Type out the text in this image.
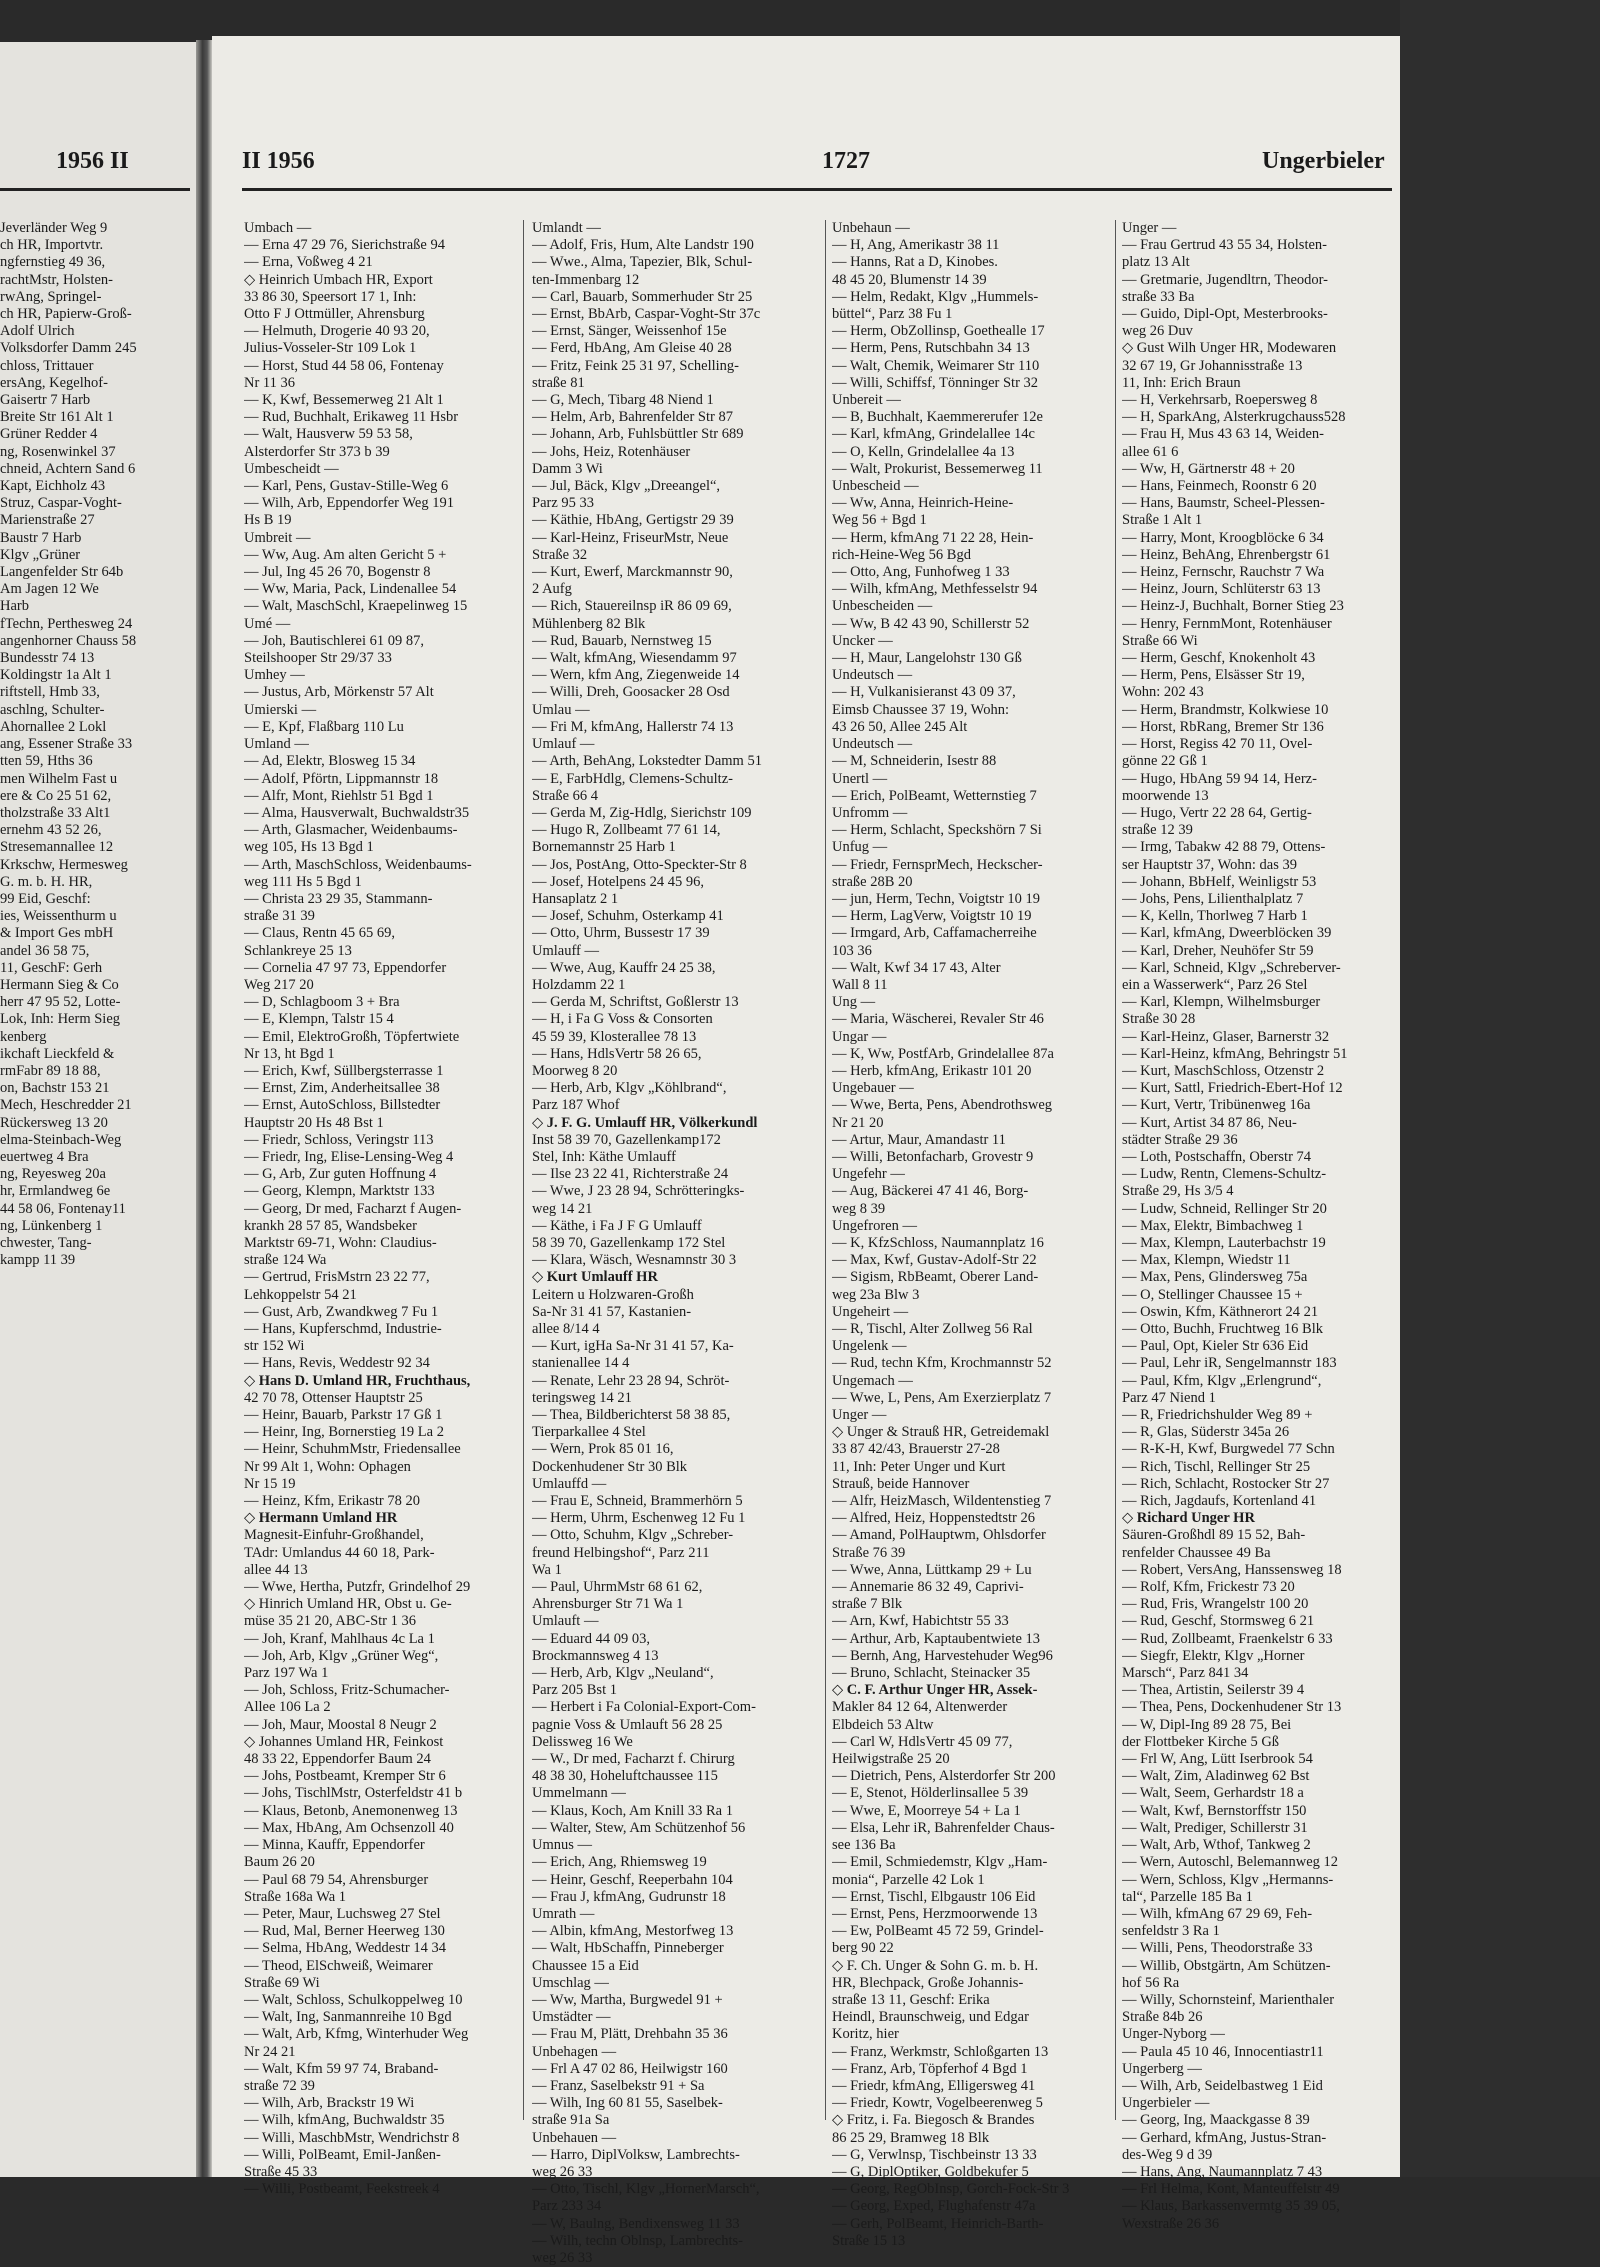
1956 II
Jeverländer Weg 9
ch HR, Importvtr.
ngfernstieg 49 36,
rachtMstr, Holsten-
rwAng, Springel-
ch HR, Papierw-Groß-
Adolf Ulrich
Volksdorfer Damm 245
chloss, Trittauer
ersAng, Kegelhof-
Gaisertr 7 Harb
Breite Str 161 Alt 1
Grüner Redder 4
ng, Rosenwinkel 37
chneid, Achtern Sand 6
Kapt, Eichholz 43
Struz, Caspar-Voght-
Marienstraße 27
Baustr 7 Harb
Klgv „Grüner
Langenfelder Str 64b
Am Jagen 12 We
Harb
fTechn, Perthesweg 24
angenhorner Chauss 58
Bundesstr 74 13
Koldingstr 1a Alt 1
riftstell, Hmb 33,
aschlng, Schulter-
Ahornallee 2 Lokl
ang, Essener Straße 33
tten 59, Hths 36
men Wilhelm Fast u
ere & Co 25 51 62,
tholzstraße 33 Alt1
ernehm 43 52 26,
Stresemannallee 12
Krkschw, Hermesweg
G. m. b. H. HR,
99 Eid, Geschf:
ies, Weissenthurm u
& Import Ges mbH
andel 36 58 75,
11, GeschF: Gerh
Hermann Sieg & Co
herr 47 95 52, Lotte-
Lok, Inh: Herm Sieg
kenberg
ikchaft Lieckfeld &
rmFabr 89 18 88,
on, Bachstr 153 21
Mech, Heschredder 21
Rückersweg 13 20
elma-Steinbach-Weg
euertweg 4 Bra
ng, Reyesweg 20a
hr, Ermlandweg 6e
44 58 06, Fontenay11
ng, Lünkenberg 1
chwester, Tang-
kampp 11 39
II 1956	1727	Ungerbieler
Umbach —
— Erna 47 29 76, Sierichstraße 94
— Erna, Voßweg 4 21
◇ Heinrich Umbach HR, Export
33 86 30, Speersort 17 1, Inh:
Otto F J Ottmüller, Ahrensburg
— Helmuth, Drogerie 40 93 20,
Julius-Vosseler-Str 109 Lok 1
— Horst, Stud 44 58 06, Fontenay
Nr 11 36
— K, Kwf, Bessemerweg 21 Alt 1
— Rud, Buchhalt, Erikaweg 11 Hsbr
— Walt, Hausverw 59 53 58,
Alsterdorfer Str 373 b 39
Umbescheidt —
— Karl, Pens, Gustav-Stille-Weg 6
— Wilh, Arb, Eppendorfer Weg 191
Hs B 19
Umbreit —
— Ww, Aug. Am alten Gericht 5 +
— Jul, Ing 45 26 70, Bogenstr 8
— Ww, Maria, Pack, Lindenallee 54
— Walt, MaschSchl, Kraepelinweg 15
Umé —
— Joh, Bautischlerei 61 09 87,
Steilshooper Str 29/37 33
Umhey —
— Justus, Arb, Mörkenstr 57 Alt
Umierski —
— E, Kpf, Flaßbarg 110 Lu
Umland —
— Ad, Elektr, Blosweg 15 34
— Adolf, Pförtn, Lippmannstr 18
— Alfr, Mont, Riehlstr 51 Bgd 1
— Alma, Hausverwalt, Buchwaldstr35
— Arth, Glasmacher, Weidenbaums-
weg 105, Hs 13 Bgd 1
— Arth, MaschSchloss, Weidenbaums-
weg 111 Hs 5 Bgd 1
— Christa 23 29 35, Stammann-
straße 31 39
— Claus, Rentn 45 65 69,
Schlankreye 25 13
— Cornelia 47 97 73, Eppendorfer
Weg 217 20
— D, Schlagboom 3 + Bra
— E, Klempn, Talstr 15 4
— Emil, ElektroGroßh, Töpfertwiete
Nr 13, ht Bgd 1
— Erich, Kwf, Süllbergsterrasse 1
— Ernst, Zim, Anderheitsallee 38
— Ernst, AutoSchloss, Billstedter
Hauptstr 20 Hs 48 Bst 1
— Friedr, Schloss, Veringstr 113
— Friedr, Ing, Elise-Lensing-Weg 4
— G, Arb, Zur guten Hoffnung 4
— Georg, Klempn, Marktstr 133
— Georg, Dr med, Facharzt f Augen-
krankh 28 57 85, Wandsbeker
Marktstr 69-71, Wohn: Claudius-
straße 124 Wa
— Gertrud, FrisMstrn 23 22 77,
Lehkoppelstr 54 21
— Gust, Arb, Zwandkweg 7 Fu 1
— Hans, Kupferschmd, Industrie-
str 152 Wi
— Hans, Revis, Weddestr 92 34
◇ Hans D. Umland HR, Fruchthaus,
42 70 78, Ottenser Hauptstr 25
— Heinr, Bauarb, Parkstr 17 Gß 1
— Heinr, Ing, Bornerstieg 19 La 2
— Heinr, SchuhmMstr, Friedensallee
Nr 99 Alt 1, Wohn: Ophagen
Nr 15 19
— Heinz, Kfm, Erikastr 78 20
◇ Hermann Umland HR
Magnesit-Einfuhr-Großhandel,
TAdr: Umlandus 44 60 18, Park-
allee 44 13
— Wwe, Hertha, Putzfr, Grindelhof 29
◇ Hinrich Umland HR, Obst u. Ge-
müse 35 21 20, ABC-Str 1 36
— Joh, Kranf, Mahlhaus 4c La 1
— Joh, Arb, Klgv „Grüner Weg“,
Parz 197 Wa 1
— Joh, Schloss, Fritz-Schumacher-
Allee 106 La 2
— Joh, Maur, Moostal 8 Neugr 2
◇ Johannes Umland HR, Feinkost
48 33 22, Eppendorfer Baum 24
— Johs, Postbeamt, Kremper Str 6
— Johs, TischlMstr, Osterfeldstr 41 b
— Klaus, Betonb, Anemonenweg 13
— Max, HbAng, Am Ochsenzoll 40
— Minna, Kauffr, Eppendorfer
Baum 26 20
— Paul 68 79 54, Ahrensburger
Straße 168a Wa 1
— Peter, Maur, Luchsweg 27 Stel
— Rud, Mal, Berner Heerweg 130
— Selma, HbAng, Weddestr 14 34
— Theod, ElSchweiß, Weimarer
Straße 69 Wi
— Walt, Schloss, Schulkoppelweg 10
— Walt, Ing, Sanmannreihe 10 Bgd
— Walt, Arb, Kfmg, Winterhuder Weg
Nr 24 21
— Walt, Kfm 59 97 74, Braband-
straße 72 39
— Wilh, Arb, Brackstr 19 Wi
— Wilh, kfmAng, Buchwaldstr 35
— Willi, MaschbMstr, Wendrichstr 8
— Willi, PolBeamt, Emil-Janßen-
Straße 45 33
— Willi, Postbeamt, Feekstreek 4
Umlandt —
— Adolf, Fris, Hum, Alte Landstr 190
— Wwe., Alma, Tapezier, Blk, Schul-
ten-Immenbarg 12
— Carl, Bauarb, Sommerhuder Str 25
— Ernst, BbArb, Caspar-Voght-Str 37c
— Ernst, Sänger, Weissenhof 15e
— Ferd, HbAng, Am Gleise 40 28
— Fritz, Feink 25 31 97, Schelling-
straße 81
— G, Mech, Tibarg 48 Niend 1
— Helm, Arb, Bahrenfelder Str 87
— Johann, Arb, Fuhlsbüttler Str 689
— Johs, Heiz, Rotenhäuser
Damm 3 Wi
— Jul, Bäck, Klgv „Dreeangel“,
Parz 95 33
— Käthie, HbAng, Gertigstr 29 39
— Karl-Heinz, FriseurMstr, Neue
Straße 32
— Kurt, Ewerf, Marckmannstr 90,
2 Aufg
— Rich, Stauereilnsp iR 86 09 69,
Mühlenberg 82 Blk
— Rud, Bauarb, Nernstweg 15
— Walt, kfmAng, Wiesendamm 97
— Wern, kfm Ang, Ziegenweide 14
— Willi, Dreh, Goosacker 28 Osd
Umlau —
— Fri M, kfmAng, Hallerstr 74 13
Umlauf —
— Arth, BehAng, Lokstedter Damm 51
— E, FarbHdlg, Clemens-Schultz-
Straße 66 4
— Gerda M, Zig-Hdlg, Sierichstr 109
— Hugo R, Zollbeamt 77 61 14,
Bornemannstr 25 Harb 1
— Jos, PostAng, Otto-Speckter-Str 8
— Josef, Hotelpens 24 45 96,
Hansaplatz 2 1
— Josef, Schuhm, Osterkamp 41
— Otto, Uhrm, Bussestr 17 39
Umlauff —
— Wwe, Aug, Kauffr 24 25 38,
Holzdamm 22 1
— Gerda M, Schriftst, Goßlerstr 13
— H, i Fa G Voss & Consorten
45 59 39, Klosterallee 78 13
— Hans, HdlsVertr 58 26 65,
Moorweg 8 20
— Herb, Arb, Klgv „Köhlbrand“,
Parz 187 Whof
◇ J. F. G. Umlauff HR, Völkerkundl
Inst 58 39 70, Gazellenkamp172
Stel, Inh: Käthe Umlauff
— Ilse 23 22 41, Richterstraße 24
— Wwe, J 23 28 94, Schrötteringks-
weg 14 21
— Käthe, i Fa J F G Umlauff
58 39 70, Gazellenkamp 172 Stel
— Klara, Wäsch, Wesnamnstr 30 3
◇ Kurt Umlauff HR
Leitern u Holzwaren-Großh
Sa-Nr 31 41 57, Kastanien-
allee 8/14 4
— Kurt, igHa Sa-Nr 31 41 57, Ka-
stanienallee 14 4
— Renate, Lehr 23 28 94, Schröt-
teringsweg 14 21
— Thea, Bildberichterst 58 38 85,
Tierparkallee 4 Stel
— Wern, Prok 85 01 16,
Dockenhudener Str 30 Blk
Umlauffd —
— Frau E, Schneid, Brammerhörn 5
— Herm, Uhrm, Eschenweg 12 Fu 1
— Otto, Schuhm, Klgv „Schreber-
freund Helbingshof“, Parz 211
Wa 1
— Paul, UhrmMstr 68 61 62,
Ahrensburger Str 71 Wa 1
Umlauft —
— Eduard 44 09 03,
Brockmannsweg 4 13
— Herb, Arb, Klgv „Neuland“,
Parz 205 Bst 1
— Herbert i Fa Colonial-Export-Com-
pagnie Voss & Umlauft 56 28 25
Delissweg 16 We
— W., Dr med, Facharzt f. Chirurg
48 38 30, Hoheluftchaussee 115
Ummelmann —
— Klaus, Koch, Am Knill 33 Ra 1
— Walter, Stew, Am Schützenhof 56
Umnus —
— Erich, Ang, Rhiemsweg 19
— Heinr, Geschf, Reeperbahn 104
— Frau J, kfmAng, Gudrunstr 18
Umrath —
— Albin, kfmAng, Mestorfweg 13
— Walt, HbSchaffn, Pinneberger
Chaussee 15 a Eid
Umschlag —
— Ww, Martha, Burgwedel 91 +
Umstädter —
— Frau M, Plätt, Drehbahn 35 36
Unbehagen —
— Frl A 47 02 86, Heilwigstr 160
— Franz, Saselbekstr 91 + Sa
— Wilh, Ing 60 81 55, Saselbek-
straße 91a Sa
Unbehauen —
— Harro, DiplVolksw, Lambrechts-
weg 26 33
— Otto, Tischl, Klgv „HornerMarsch“,
Parz 233 34
— W, Baulng, Bendixensweg 11 33
— Wilh, techn Oblnsp, Lambrechts-
weg 26 33
Unbehaun —
— H, Ang, Amerikastr 38 11
— Hanns, Rat a D, Kinobes.
48 45 20, Blumenstr 14 39
— Helm, Redakt, Klgv „Hummels-
büttel“, Parz 38 Fu 1
— Herm, ObZollinsp, Goethealle 17
— Herm, Pens, Rutschbahn 34 13
— Walt, Chemik, Weimarer Str 110
— Willi, Schiffsf, Tönninger Str 32
Unbereit —
— B, Buchhalt, Kaemmererufer 12e
— Karl, kfmAng, Grindelallee 14c
— O, Kelln, Grindelallee 4a 13
— Walt, Prokurist, Bessemerweg 11
Unbescheid —
— Ww, Anna, Heinrich-Heine-
Weg 56 + Bgd 1
— Herm, kfmAng 71 22 28, Hein-
rich-Heine-Weg 56 Bgd
— Otto, Ang, Funhofweg 1 33
— Wilh, kfmAng, Methfesselstr 94
Unbescheiden —
— Ww, B 42 43 90, Schillerstr 52
Uncker —
— H, Maur, Langelohstr 130 Gß
Undeutsch —
— H, Vulkanisieranst 43 09 37,
Eimsb Chaussee 37 19, Wohn:
43 26 50, Allee 245 Alt
Undeutsch —
— M, Schneiderin, Isestr 88
Unertl —
— Erich, PolBeamt, Wetternstieg 7
Unfromm —
— Herm, Schlacht, Speckshörn 7 Si
Unfug —
— Friedr, FernsprMech, Heckscher-
straße 28B 20
— jun, Herm, Techn, Voigtstr 10 19
— Herm, LagVerw, Voigtstr 10 19
— Irmgard, Arb, Caffamacherreihe
103 36
— Walt, Kwf 34 17 43, Alter
Wall 8 11
Ung —
— Maria, Wäscherei, Revaler Str 46
Ungar —
— K, Ww, PostfArb, Grindelallee 87a
— Herb, kfmAng, Erikastr 101 20
Ungebauer —
— Wwe, Berta, Pens, Abendrothsweg
Nr 21 20
— Artur, Maur, Amandastr 11
— Willi, Betonfacharb, Grovestr 9
Ungefehr —
— Aug, Bäckerei 47 41 46, Borg-
weg 8 39
Ungefroren —
— K, KfzSchloss, Naumannplatz 16
— Max, Kwf, Gustav-Adolf-Str 22
— Sigism, RbBeamt, Oberer Land-
weg 23a Blw 3
Ungeheirt —
— R, Tischl, Alter Zollweg 56 Ral
Ungelenk —
— Rud, techn Kfm, Krochmannstr 52
Ungemach —
— Wwe, L, Pens, Am Exerzierplatz 7
Unger —
◇ Unger & Strauß HR, Getreidemakl
33 87 42/43, Brauerstr 27-28
11, Inh: Peter Unger und Kurt
Strauß, beide Hannover
— Alfr, HeizMasch, Wildentenstieg 7
— Alfred, Heiz, Hoppenstedtstr 26
— Amand, PolHauptwm, Ohlsdorfer
Straße 76 39
— Wwe, Anna, Lüttkamp 29 + Lu
— Annemarie 86 32 49, Caprivi-
straße 7 Blk
— Arn, Kwf, Habichtstr 55 33
— Arthur, Arb, Kaptaubentwiete 13
— Bernh, Ang, Harvestehuder Weg96
— Bruno, Schlacht, Steinacker 35
◇ C. F. Arthur Unger HR, Assek-
Makler 84 12 64, Altenwerder
Elbdeich 53 Altw
— Carl W, HdlsVertr 45 09 77,
Heilwigstraße 25 20
— Dietrich, Pens, Alsterdorfer Str 200
— E, Stenot, Hölderlinsallee 5 39
— Wwe, E, Moorreye 54 + La 1
— Elsa, Lehr iR, Bahrenfelder Chaus-
see 136 Ba
— Emil, Schmiedemstr, Klgv „Ham-
monia“, Parzelle 42 Lok 1
— Ernst, Tischl, Elbgaustr 106 Eid
— Ernst, Pens, Herzmoorwende 13
— Ew, PolBeamt 45 72 59, Grindel-
berg 90 22
◇ F. Ch. Unger & Sohn G. m. b. H.
HR, Blechpack, Große Johannis-
straße 13 11, Geschf: Erika
Heindl, Braunschweig, und Edgar
Koritz, hier
— Franz, Werkmstr, Schloßgarten 13
— Franz, Arb, Töpferhof 4 Bgd 1
— Friedr, kfmAng, Elligersweg 41
— Friedr, Kowtr, Vogelbeerenweg 5
◇ Fritz, i. Fa. Biegosch & Brandes
86 25 29, Bramweg 18 Blk
— G, Verwlnsp, Tischbeinstr 13 33
— G, DiplOptiker, Goldbekufer 5
— Georg, RegObInsp, Gorch-Fock-Str 3
— Georg, Exped, Flughafenstr 47a
— Gerh, PolBeamt, Heinrich-Barth-
Straße 15 13
Unger —
— Frau Gertrud 43 55 34, Holsten-
platz 13 Alt
— Gretmarie, Jugendltrn, Theodor-
straße 33 Ba
— Guido, Dipl-Opt, Mesterbrooks-
weg 26 Duv
◇ Gust Wilh Unger HR, Modewaren
32 67 19, Gr Johannisstraße 13
11, Inh: Erich Braun
— H, Verkehrsarb, Roepersweg 8
— H, SparkAng, Alsterkrugchauss528
— Frau H, Mus 43 63 14, Weiden-
allee 61 6
— Ww, H, Gärtnerstr 48 + 20
— Hans, Feinmech, Roonstr 6 20
— Hans, Baumstr, Scheel-Plessen-
Straße 1 Alt 1
— Harry, Mont, Kroogblöcke 6 34
— Heinz, BehAng, Ehrenbergstr 61
— Heinz, Fernschr, Rauchstr 7 Wa
— Heinz, Journ, Schlüterstr 63 13
— Heinz-J, Buchhalt, Borner Stieg 23
— Henry, FernmMont, Rotenhäuser
Straße 66 Wi
— Herm, Geschf, Knokenholt 43
— Herm, Pens, Elsässer Str 19,
Wohn: 202 43
— Herm, Brandmstr, Kolkwiese 10
— Horst, RbRang, Bremer Str 136
— Horst, Regiss 42 70 11, Ovel-
gönne 22 Gß 1
— Hugo, HbAng 59 94 14, Herz-
moorwende 13
— Hugo, Vertr 22 28 64, Gertig-
straße 12 39
— Irmg, Tabakw 42 88 79, Ottens-
ser Hauptstr 37, Wohn: das 39
— Johann, BbHelf, Weinligstr 53
— Johs, Pens, Lilienthalplatz 7
— K, Kelln, Thorlweg 7 Harb 1
— Karl, kfmAng, Dweerblöcken 39
— Karl, Dreher, Neuhöfer Str 59
— Karl, Schneid, Klgv „Schreberver-
ein a Wasserwerk“, Parz 26 Stel
— Karl, Klempn, Wilhelmsburger
Straße 30 28
— Karl-Heinz, Glaser, Barnerstr 32
— Karl-Heinz, kfmAng, Behringstr 51
— Kurt, MaschSchloss, Otzenstr 2
— Kurt, Sattl, Friedrich-Ebert-Hof 12
— Kurt, Vertr, Tribünenweg 16a
— Kurt, Artist 34 87 86, Neu-
städter Straße 29 36
— Loth, Postschaffn, Oberstr 74
— Ludw, Rentn, Clemens-Schultz-
Straße 29, Hs 3/5 4
— Ludw, Schneid, Rellinger Str 20
— Max, Elektr, Bimbachweg 1
— Max, Klempn, Lauterbachstr 19
— Max, Klempn, Wiedstr 11
— Max, Pens, Glindersweg 75a
— O, Stellinger Chaussee 15 +
— Oswin, Kfm, Käthnerort 24 21
— Otto, Buchh, Fruchtweg 16 Blk
— Paul, Opt, Kieler Str 636 Eid
— Paul, Lehr iR, Sengelmannstr 183
— Paul, Kfm, Klgv „Erlengrund“,
Parz 47 Niend 1
— R, Friedrichshulder Weg 89 +
— R, Glas, Süderstr 345a 26
— R-K-H, Kwf, Burgwedel 77 Schn
— Rich, Tischl, Rellinger Str 25
— Rich, Schlacht, Rostocker Str 27
— Rich, Jagdaufs, Kortenland 41
◇ Richard Unger HR
Säuren-Großhdl 89 15 52, Bah-
renfelder Chaussee 49 Ba
— Robert, VersAng, Hanssensweg 18
— Rolf, Kfm, Frickestr 73 20
— Rud, Fris, Wrangelstr 100 20
— Rud, Geschf, Stormsweg 6 21
— Rud, Zollbeamt, Fraenkelstr 6 33
— Siegfr, Elektr, Klgv „Horner
Marsch“, Parz 841 34
— Thea, Artistin, Seilerstr 39 4
— Thea, Pens, Dockenhudener Str 13
— W, Dipl-Ing 89 28 75, Bei
der Flottbeker Kirche 5 Gß
— Frl W, Ang, Lütt Iserbrook 54
— Walt, Zim, Aladinweg 62 Bst
— Walt, Seem, Gerhardstr 18 a
— Walt, Kwf, Bernstorffstr 150
— Walt, Prediger, Schillerstr 31
— Walt, Arb, Wthof, Tankweg 2
— Wern, Autoschl, Belemannweg 12
— Wern, Schloss, Klgv „Hermanns-
tal“, Parzelle 185 Ba 1
— Wilh, kfmAng 67 29 69, Feh-
senfeldstr 3 Ra 1
— Willi, Pens, Theodorstraße 33
— Willib, Obstgärtn, Am Schützen-
hof 56 Ra
— Willy, Schornsteinf, Marienthaler
Straße 84b 26
Unger-Nyborg —
— Paula 45 10 46, Innocentiastr11
Ungerberg —
— Wilh, Arb, Seidelbastweg 1 Eid
Ungerbieler —
— Georg, Ing, Maackgasse 8 39
— Gerhard, kfmAng, Justus-Stran-
des-Weg 9 d 39
— Hans, Ang, Naumannplatz 7 43
— Frl Helma, Kont, Manteuffelstr 49
— Klaus, Barkassenvermtg 35 39 05,
Wexstraße 26 36
